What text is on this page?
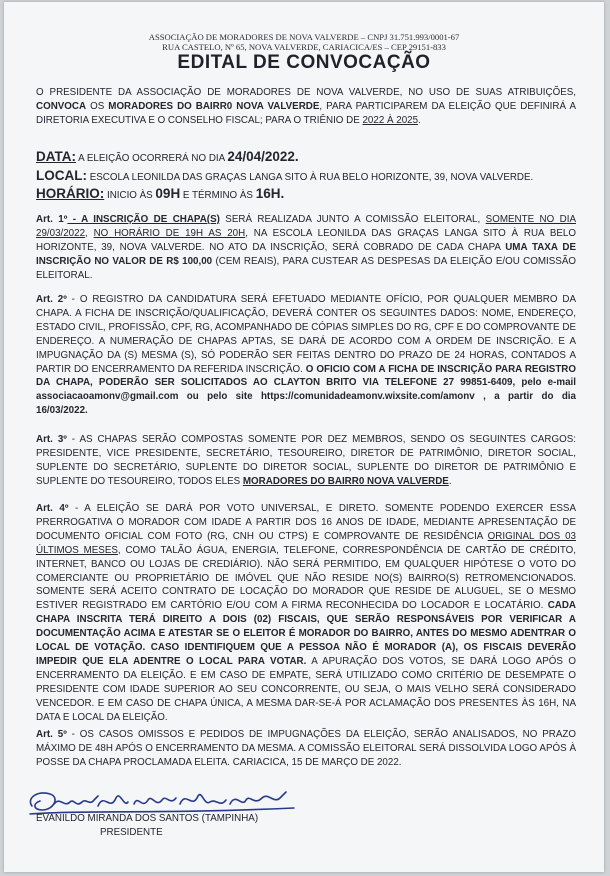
ASSOCIAÇÃO DE MORADORES DE NOVA VALVERDE – CNPJ 31.751.993/0001-67
RUA CASTELO, Nº 65, NOVA VALVERDE, CARIACICA/ES – CEP 29151-833
EDITAL DE CONVOCAÇÃO
O PRESIDENTE DA ASSOCIAÇÃO DE MORADORES DE NOVA VALVERDE, NO USO DE SUAS ATRIBUIÇÕES, CONVOCA OS MORADORES DO BAIRR0 NOVA VALVERDE, PARA PARTICIPAREM DA ELEIÇÃO QUE DEFINIRÁ A DIRETORIA EXECUTIVA E O CONSELHO FISCAL; PARA O TRIÊNIO DE 2022 À 2025.
DATA: A ELEIÇÃO OCORRERÁ NO DIA 24/04/2022.
LOCAL: ESCOLA LEONILDA DAS GRAÇAS LANGA SITO À RUA BELO HORIZONTE, 39, NOVA VALVERDE.
HORÁRIO: INICIO ÀS 09H E TÉRMINO ÀS 16H.
Art. 1º - A INSCRIÇÃO DE CHAPA(S) SERÁ REALIZADA JUNTO A COMISSÃO ELEITORAL, SOMENTE NO DIA 29/03/2022, NO HORÁRIO DE 19H AS 20H, NA ESCOLA LEONILDA DAS GRAÇAS LANGA SITO À RUA BELO HORIZONTE, 39, NOVA VALVERDE. NO ATO DA INSCRIÇÃO, SERÁ COBRADO DE CADA CHAPA UMA TAXA DE INSCRIÇÃO NO VALOR DE R$ 100,00 (CEM REAIS), PARA CUSTEAR AS DESPESAS DA ELEIÇÃO E/OU COMISSÃO ELEITORAL.
Art. 2º - O REGISTRO DA CANDIDATURA SERÁ EFETUADO MEDIANTE OFÍCIO, POR QUALQUER MEMBRO DA CHAPA. A FICHA DE INSCRIÇÃO/QUALIFICAÇÃO, DEVERÁ CONTER OS SEGUINTES DADOS: NOME, ENDEREÇO, ESTADO CIVIL, PROFISSÃO, CPF, RG, ACOMPANHADO DE CÓPIAS SIMPLES DO RG, CPF E DO COMPROVANTE DE ENDEREÇO. A NUMERAÇÃO DE CHAPAS APTAS, SE DARÁ DE ACORDO COM A ORDEM DE INSCRIÇÃO. E A IMPUGNAÇÃO DA (S) MESMA (S), SÓ PODERÃO SER FEITAS DENTRO DO PRAZO DE 24 HORAS, CONTADOS A PARTIR DO ENCERRAMENTO DA REFERIDA INSCRIÇÃO. O OFICIO COM A FICHA DE INSCRIÇÃO PARA REGISTRO DA CHAPA, PODERÃO SER SOLICITADOS AO CLAYTON BRITO VIA TELEFONE 27 99851-6409, pelo e-mail associacaoamonv@gmail.com ou pelo site https://comunidadeamonv.wixsite.com/amonv , a partir do dia 16/03/2022.
Art. 3º - AS CHAPAS SERÃO COMPOSTAS SOMENTE POR DEZ MEMBROS, SENDO OS SEGUINTES CARGOS: PRESIDENTE, VICE PRESIDENTE, SECRETÁRIO, TESOUREIRO, DIRETOR DE PATRIMÔNIO, DIRETOR SOCIAL, SUPLENTE DO SECRETÁRIO, SUPLENTE DO DIRETOR SOCIAL, SUPLENTE DO DIRETOR DE PATRIMÔNIO E SUPLENTE DO TESOUREIRO, TODOS ELES MORADORES DO BAIRR0 NOVA VALVERDE.
Art. 4º - A ELEIÇÃO SE DARÁ POR VOTO UNIVERSAL, E DIRETO. SOMENTE PODENDO EXERCER ESSA PRERROGATIVA O MORADOR COM IDADE A PARTIR DOS 16 ANOS DE IDADE, MEDIANTE APRESENTAÇÃO DE DOCUMENTO OFICIAL COM FOTO (RG, CNH OU CTPS) E COMPROVANTE DE RESIDÊNCIA ORIGINAL DOS 03 ÚLTIMOS MESES, COMO TALÃO ÁGUA, ENERGIA, TELEFONE, CORRESPONDÊNCIA DE CARTÃO DE CRÉDITO, INTERNET, BANCO OU LOJAS DE CREDIÁRIO). NÃO SERÁ PERMITIDO, EM QUALQUER HIPÓTESE O VOTO DO COMERCIANTE OU PROPRIETÁRIO DE IMÓVEL QUE NÃO RESIDE NO(S) BAIRRO(S) RETROMENCIONADOS. SOMENTE SERÁ ACEITO CONTRATO DE LOCAÇÃO DO MORADOR QUE RESIDE DE ALUGUEL, SE O MESMO ESTIVER REGISTRADO EM CARTÓRIO E/OU COM A FIRMA RECONHECIDA DO LOCADOR E LOCATÁRIO. CADA CHAPA INSCRITA TERÁ DIREITO A DOIS (02) FISCAIS, QUE SERÃO RESPONSÁVEIS POR VERIFICAR A DOCUMENTAÇÃO ACIMA E ATESTAR SE O ELEITOR É MORADOR DO BAIRRO, ANTES DO MESMO ADENTRAR O LOCAL DE VOTAÇÃO. CASO IDENTIFIQUEM QUE A PESSOA NÃO É MORADOR (A), OS FISCAIS DEVERÃO IMPEDIR QUE ELA ADENTRE O LOCAL PARA VOTAR. A APURAÇÃO DOS VOTOS, SE DARÁ LOGO APÓS O ENCERRAMENTO DA ELEIÇÃO. E EM CASO DE EMPATE, SERÁ UTILIZADO COMO CRITÉRIO DE DESEMPATE O PRESIDENTE COM IDADE SUPERIOR AO SEU CONCORRENTE, OU SEJA, O MAIS VELHO SERÁ CONSIDERADO VENCEDOR. E EM CASO DE CHAPA ÚNICA, A MESMA DAR-SE-Á POR ACLAMAÇÃO DOS PRESENTES ÀS 16H, NA DATA E LOCAL DA ELEIÇÃO.
Art. 5º - OS CASOS OMISSOS E PEDIDOS DE IMPUGNAÇÕES DA ELEIÇÃO, SERÃO ANALISADOS, NO PRAZO MÁXIMO DE 48H APÓS O ENCERRAMENTO DA MESMA. A COMISSÃO ELEITORAL SERÁ DISSOLVIDA LOGO APÓS À POSSE DA CHAPA PROCLAMADA ELEITA. CARIACICA, 15 DE MARÇO DE 2022.
EVANILDO MIRANDA DOS SANTOS (TAMPINHA)
PRESIDENTE
